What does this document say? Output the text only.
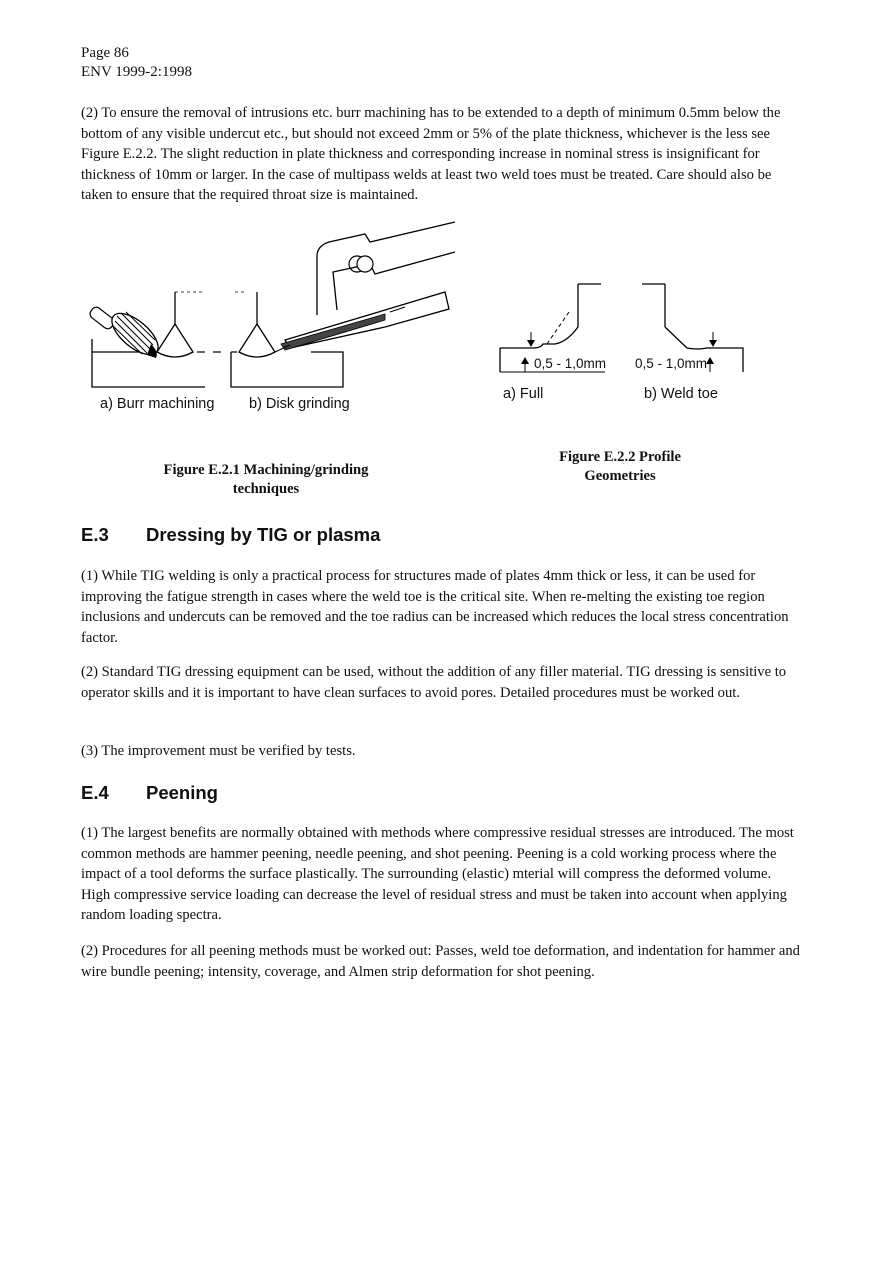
Page 86
ENV 1999-2:1998
(2) To ensure the removal of intrusions etc. burr machining has to be extended to a depth of minimum 0.5mm below the bottom of any visible undercut etc., but should not exceed 2mm or 5% of the plate thickness, whichever is the less see Figure E.2.2. The slight reduction in plate thickness and corresponding increase in nominal stress is insignificant for thickness of 10mm or larger. In the case of multipass welds at least two weld toes must be treated. Care should also be taken to ensure that the required throat size is maintained.
a) Burr machining b) Disk grinding
Figure E.2.1 Machining/grinding
techniques
0,5 - 1,0mm 0,5 - 1,0mm
a) Full	b) Weld toe
Figure E.2.2 Profile
Geometries
E.3 Dressing by TIG or plasma
(1) While TIG welding is only a practical process for structures made of plates 4mm thick or less, it can be used for improving the fatigue strength in cases where the weld toe is the critical site. When re-melting the existing toe region inclusions and undercuts can be removed and the toe radius can be increased which reduces the local stress concentration factor.
(2) Standard TIG dressing equipment can be used, without the addition of any filler material. TIG dressing is sensitive to operator skills and it is important to have clean surfaces to avoid pores. Detailed procedures must be worked out.
(3) The improvement must be verified by tests.
E.4 Peening
(1) The largest benefits are normally obtained with methods where compressive residual stresses are introduced. The most common methods are hammer peening, needle peening, and shot peening. Peening is a cold working process where the impact of a tool deforms the surface plastically. The surrounding (elastic) mterial will compress the deformed volume. High compressive service loading can decrease the level of residual stress and must be taken into account when applying random loading spectra.
(2) Procedures for all peening methods must be worked out: Passes, weld toe deformation, and indentation for hammer and wire bundle peening; intensity, coverage, and Almen strip deformation for shot peening.
